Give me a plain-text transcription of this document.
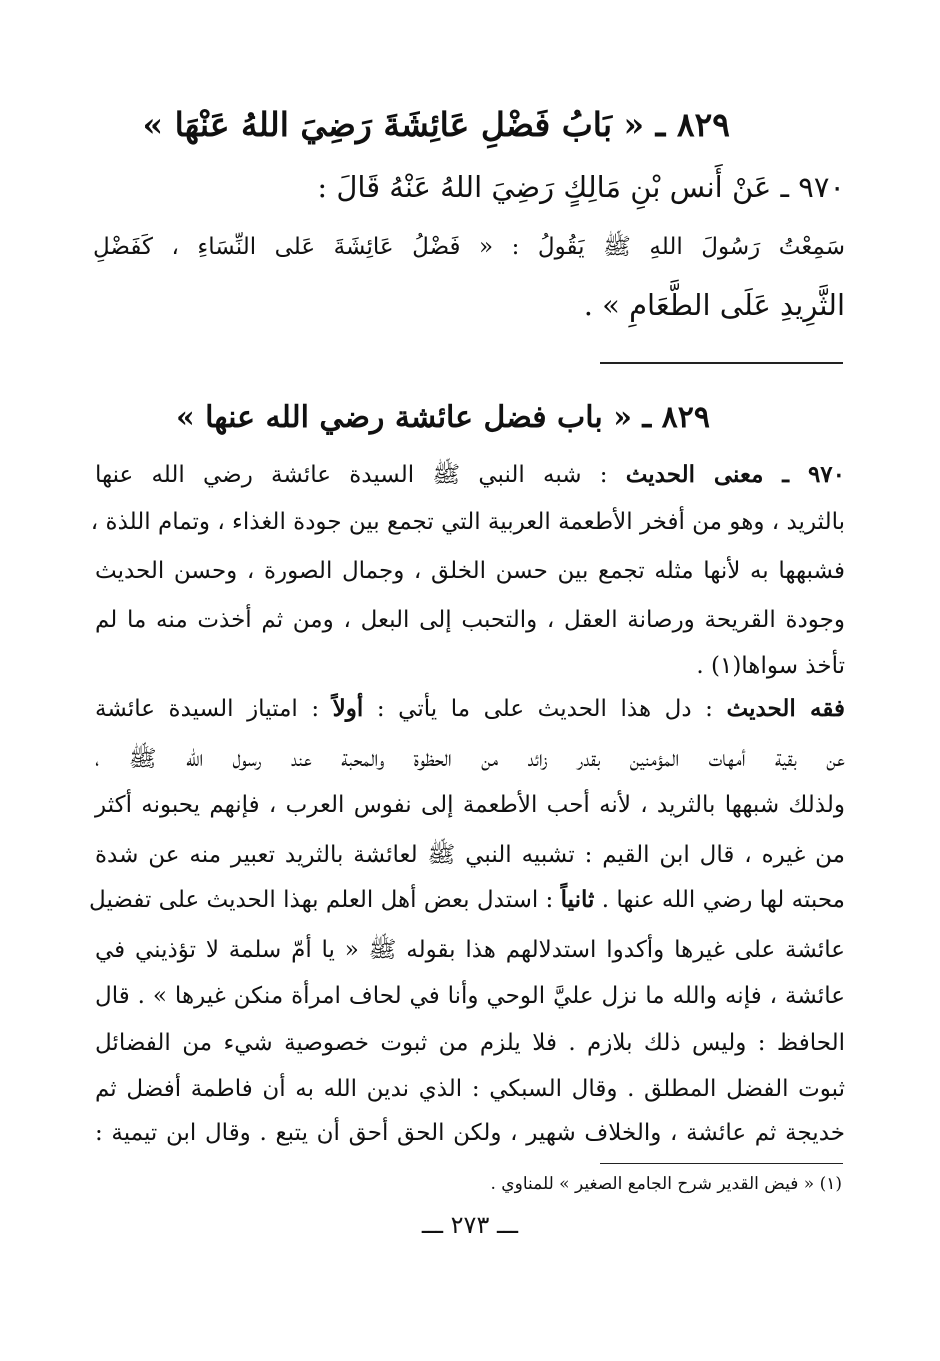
٨٢٩ ـ « بَابُ فَضْلِ عَائِشَةَ رَضِيَ اللهُ عَنْهَا »
٩٧٠ ـ عَنْ أَنس بْنِ مَالِكٍ رَضِيَ اللهُ عَنْهُ قَالَ :
سَمِعْتُ رَسُولَ اللهِ ﷺ يَقُولُ : « فَضْلُ عَائِشَةَ عَلى النِّسَاءِ ، كَفَضْلِ
الثَّرِيدِ عَلَى الطَّعَامِ » .
٨٢٩ ـ « باب فضل عائشة رضي الله عنها »
٩٧٠ ـ معنى الحديث : شبه النبي ﷺ السيدة عائشة رضي الله عنها
بالثريد ، وهو من أفخر الأطعمة العربية التي تجمع بين جودة الغذاء ، وتمام اللذة ،
فشبهها به لأنها مثله تجمع بين حسن الخلق ، وجمال الصورة ، وحسن الحديث
وجودة القريحة ورصانة العقل ، والتحبب إلى البعل ، ومن ثم أخذت منه ما لم
تأخذ سواها(١) .
فقه الحديث : دل هذا الحديث على ما يأتي : أولاً : امتياز السيدة عائشة
عن بقية أمهات المؤمنين بقدر زائد من الحظوة والمحبة عند رسول الله ﷺ ،
ولذلك شبهها بالثريد ، لأنه أحب الأطعمة إلى نفوس العرب ، فإنهم يحبونه أكثر
من غيره ، قال ابن القيم : تشبيه النبي ﷺ لعائشة بالثريد تعبير منه عن شدة
محبته لها رضي الله عنها . ثانياً : استدل بعض أهل العلم بهذا الحديث على تفضيل
عائشة على غيرها وأكدوا استدلالهم هذا بقوله ﷺ « يا أمّ سلمة لا تؤذيني في
عائشة ، فإنه والله ما نزل عليَّ الوحي وأنا في لحاف امرأة منكن غيرها » . قال
الحافظ : وليس ذلك بلازم . فلا يلزم من ثبوت خصوصية شيء من الفضائل
ثبوت الفضل المطلق . وقال السبكي : الذي ندين الله به أن فاطمة أفضل ثم
خديجة ثم عائشة ، والخلاف شهير ، ولكن الحق أحق أن يتبع . وقال ابن تيمية :
(١) « فيض القدير شرح الجامع الصغير » للمناوي .
ـــ ٢٧٣ ـــ
